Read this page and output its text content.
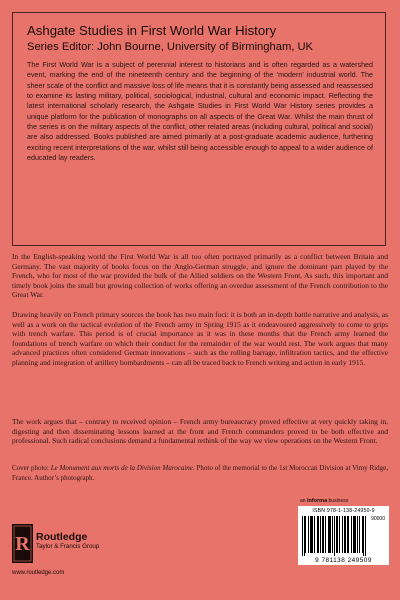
Ashgate Studies in First World War History

Series Editor: John Bourne, University of Birmingham, UK

The First World War is a subject of perennial interest to historians and is often regarded as a watershed event, marking the end of the nineteenth century and the beginning of the ‘modern’ industrial world. The sheer scale of the conflict and massive loss of life means that it is constantly being assessed and reassessed to examine its lasting military, political, sociological, industrial, cultural and economic impact. Reflecting the latest international scholarly research, the Ashgate Studies in First World War History series provides a unique platform for the publication of monographs on all aspects of the Great War. Whilst the main thrust of the series is on the military aspects of the conflict, other related areas (including cultural, political and social) are also addressed. Books published are aimed primarily at a post-graduate academic audience, furthering exciting recent interpretations of the war, whilst still being accessible enough to appeal to a wider audience of educated lay readers.

In the English-speaking world the First World War is all too often portrayed primarily as a conflict between Britain and Germany. The vast majority of books focus on the Anglo-German struggle, and ignore the dominant part played by the French, who for most of the war provided the bulk of the Allied soldiers on the Western Front. As such, this important and timely book joins the small but growing collection of works offering an overdue assessment of the French contribution to the Great War.

Drawing heavily on French primary sources the book has two main foci: it is both an in-depth battle narrative and analysis, as well as a work on the tactical evolution of the French army in Spring 1915 as it endeavoured aggressively to come to grips with trench warfare. This period is of crucial importance as it was in these months that the French army learned the foundations of trench warfare on which their conduct for the remainder of the war would rest. The work argues that many advanced practices often considered German innovations – such as the rolling barrage, infiltration tactics, and the effective planning and integration of artillery bombardments – can all be traced back to French writing and action in early 1915.

The work argues that – contrary to received opinion – French army bureaucracy proved effective at very quickly taking in, digesting and then disseminating lessons learned at the front and French commanders proved to be both effective and professional. Such radical conclusions demand a fundamental rethink of the way we view operations on the Western Front.

Cover photo: Le Monument aux morts de la Division Marocaine. Photo of the memorial to the 1st Moroccan Division at Vimy Ridge, France. Author’s photograph.

an informa business
R Routledge
Taylor & Francis Group
www.routledge.com
ISBN 978-1-138-24950-9
90000
9 781138 249509
